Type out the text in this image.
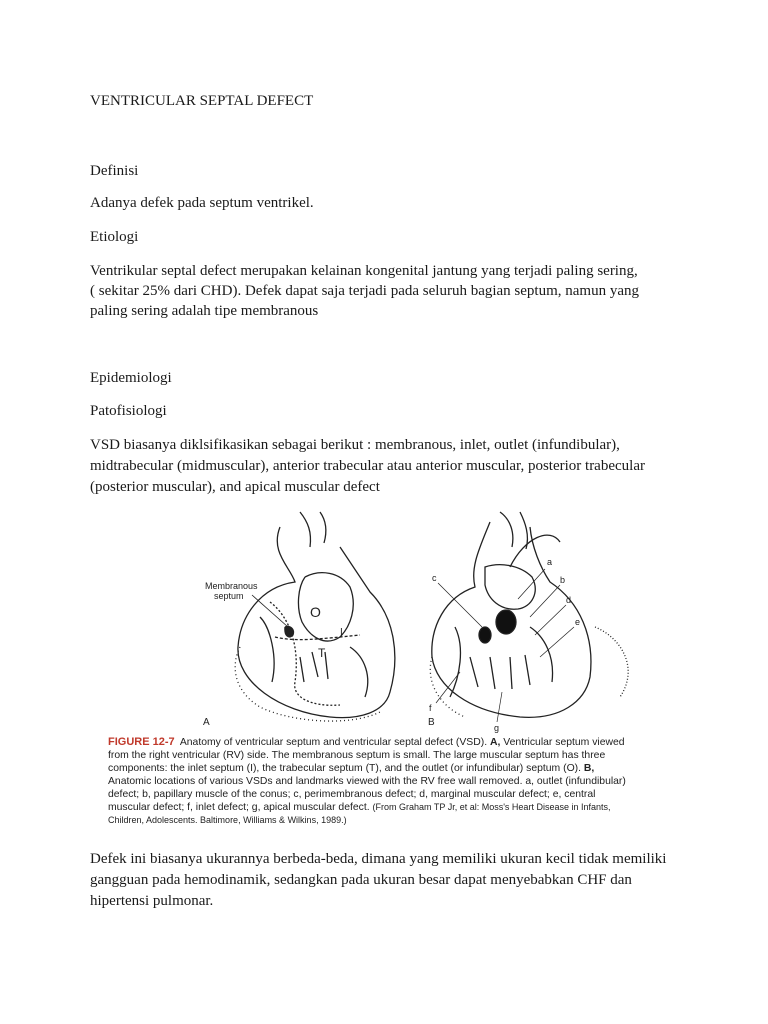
VENTRICULAR SEPTAL DEFECT

Definisi

Adanya defek pada septum ventrikel.

Etiologi

Ventrikular septal defect merupakan kelainan kongenital jantung yang terjadi paling sering,

( sekitar 25% dari CHD). Defek dapat saja terjadi pada seluruh bagian septum, namun yang

paling sering adalah tipe membranous

Epidemiologi

Patofisiologi

VSD biasanya diklsifikasikan sebagai berikut : membranous, inlet, outlet (infundibular),

midtrabecular (midmuscular), anterior trabecular atau anterior muscular, posterior trabecular

(posterior muscular), and apical muscular defect

Membranous
septum
O
T
I
A
a
b
c
d
e
f
g
B
FIGURE 12-7 Anatomy of ventricular septum and ventricular septal defect (VSD). A, Ventricular septum viewed
from the right ventricular (RV) side. The membranous septum is small. The large muscular septum has three
components: the inlet septum (I), the trabecular septum (T), and the outlet (or infundibular) septum (O). B,
Anatomic locations of various VSDs and landmarks viewed with the RV free wall removed. a, outlet (infundibular)
defect; b, papillary muscle of the conus; c, perimembranous defect; d, marginal muscular defect; e, central
muscular defect; f, inlet defect; g, apical muscular defect. (From Graham TP Jr, et al: Moss's Heart Disease in Infants,
Children, Adolescents. Baltimore, Williams & Wilkins, 1989.)

Defek ini biasanya ukurannya berbeda-beda, dimana yang memiliki ukuran kecil tidak memiliki

gangguan pada hemodinamik, sedangkan pada ukuran besar dapat menyebabkan CHF dan

hipertensi pulmonar.
